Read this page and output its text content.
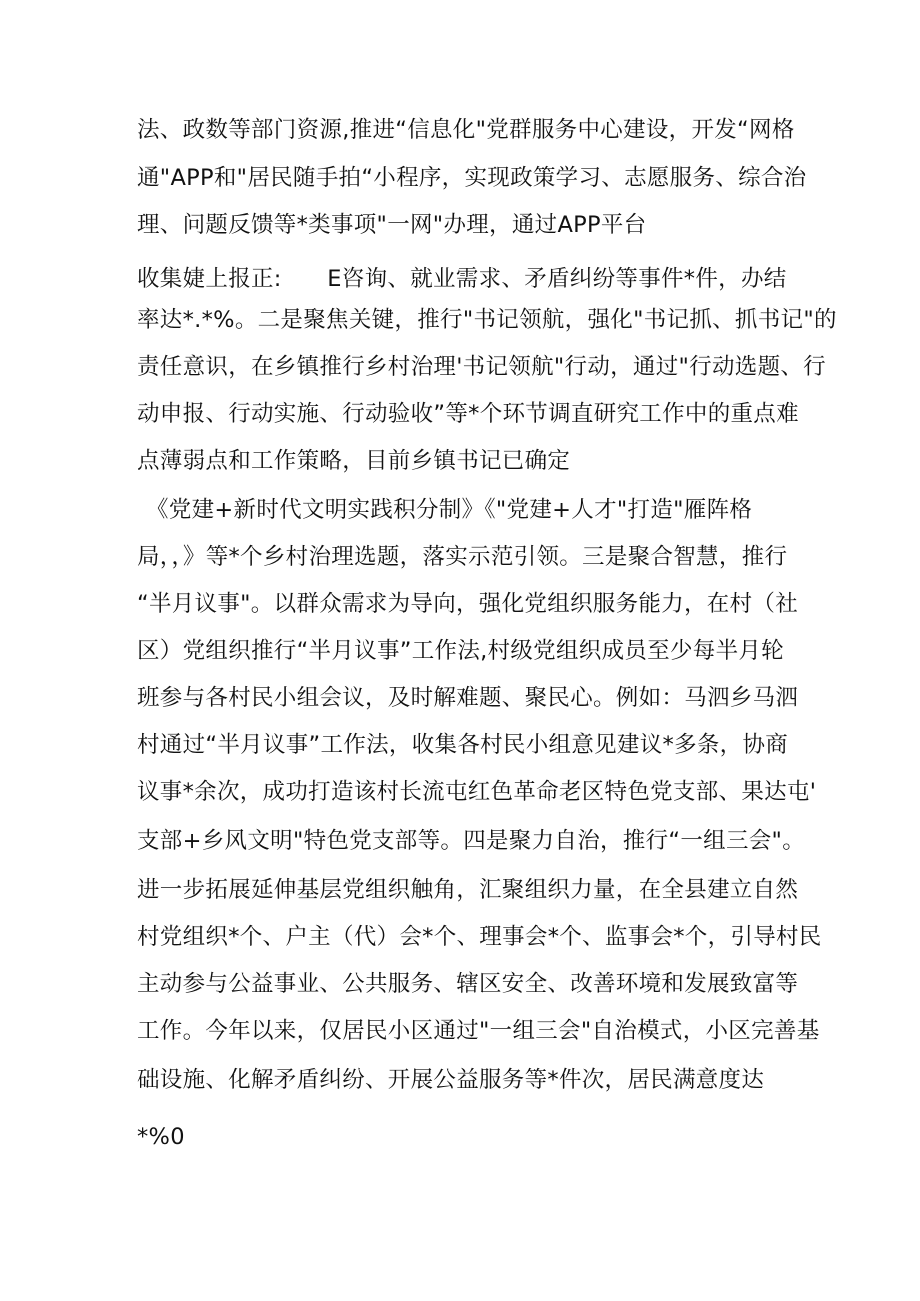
法、政数等部门资源,推进“信息化"党群服务中心建设，开发“网格
通"APP和"居民随手拍“小程序，实现政策学习、志愿服务、综合治
理、问题反馈等*类事项"一网"办理，通过APP平台
收集婕上报正:　　E咨询、就业需求、矛盾纠纷等事件*件，办结
率达*.*%。二是聚焦关键，推行"书记领航，强化"书记抓、抓书记"的
责任意识，在乡镇推行乡村治理'书记领航"行动，通过"行动选题、行
动申报、行动实施、行动验收”等*个环节调直研究工作中的重点难
点薄弱点和工作策略，目前乡镇书记已确定
《党建+新时代文明实践积分制》《"党建+人才"打造"雁阵格
局，，》等*个乡村治理选题，落实示范引领。三是聚合智慧，推行
“半月议事"。以群众需求为导向，强化党组织服务能力，在村（社
区）党组织推行“半月议事”工作法,村级党组织成员至少每半月轮
班参与各村民小组会议，及时解难题、聚民心。例如：马泗乡马泗
村通过“半月议事”工作法，收集各村民小组意见建议*多条，协商
议事*余次，成功打造该村长流屯红色革命老区特色党支部、果达屯'
支部+乡风文明"特色党支部等。四是聚力自治，推行“一组三会"。
进一步拓展延伸基层党组织触角，汇聚组织力量，在全县建立自然
村党组织*个、户主（代）会*个、理事会*个、监事会*个，引导村民
主动参与公益事业、公共服务、辖区安全、改善环境和发展致富等
工作。今年以来，仅居民小区通过"一组三会"自治模式，小区完善基
础设施、化解矛盾纠纷、开展公益服务等*件次，居民满意度达
*%0
